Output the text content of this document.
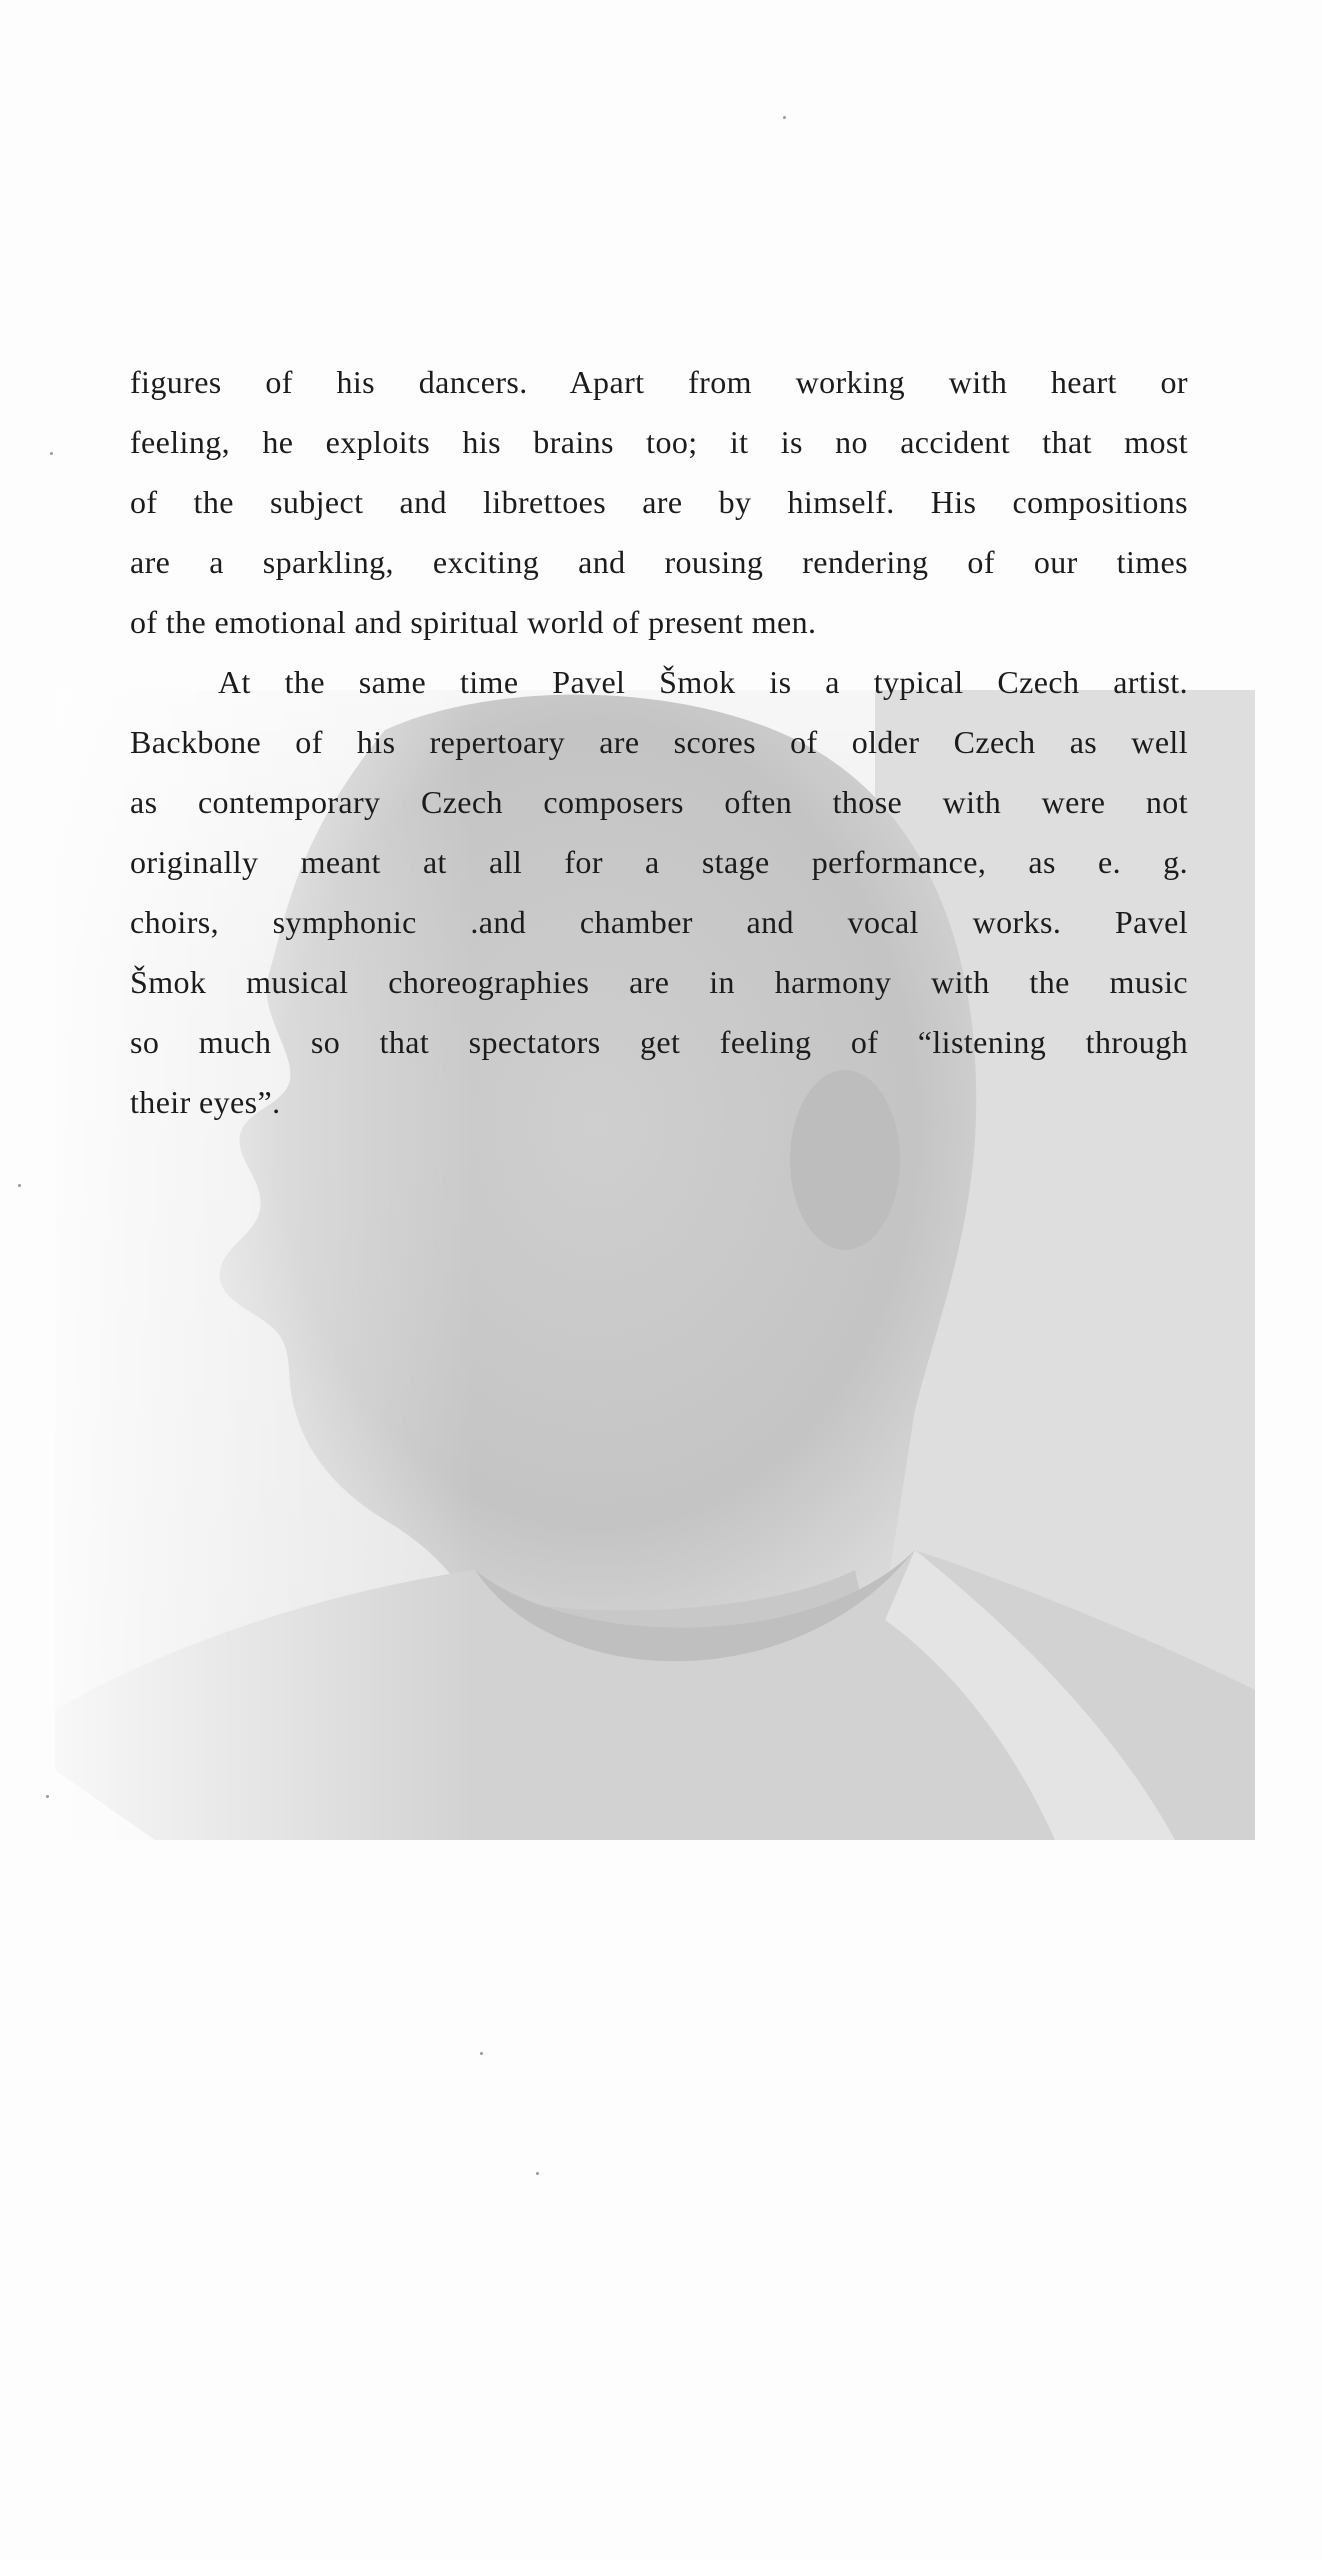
figures of his dancers. Apart from working with heart or
feeling, he exploits his brains too; it is no accident that most
of the subject and librettoes are by himself. His compositions
are a sparkling, exciting and rousing rendering of our times
of the emotional and spiritual world of present men.
At the same time Pavel Šmok is a typical Czech artist.
Backbone of his repertoary are scores of older Czech as well
as contemporary Czech composers often those with were not
originally meant at all for a stage performance, as e. g.
choirs, symphonic .and chamber and vocal works. Pavel
Šmok musical choreographies are in harmony with the music
so much so that spectators get feeling of “listening through
their eyes”.
